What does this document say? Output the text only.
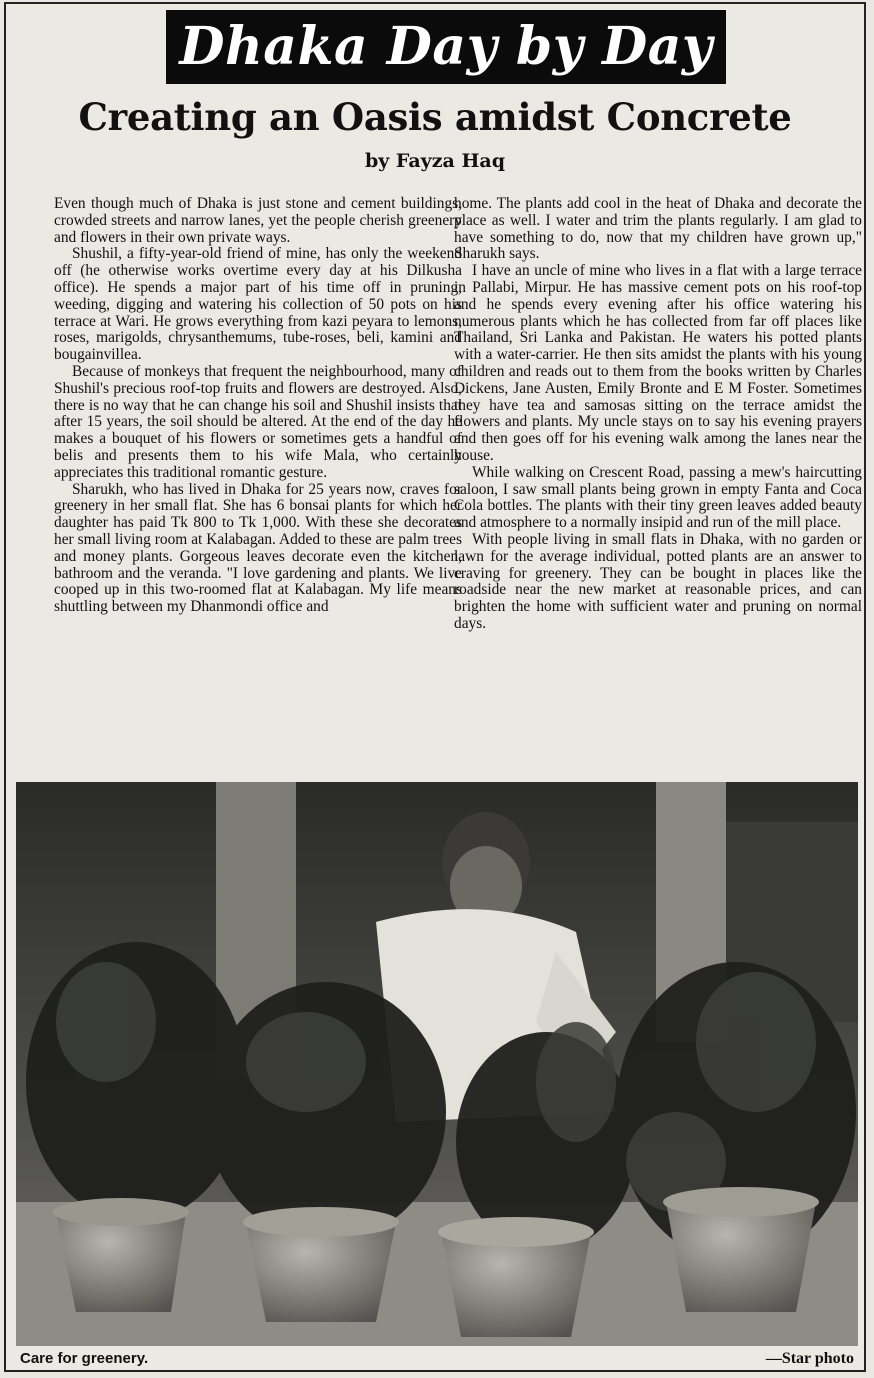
Dhaka Day by Day
Creating an Oasis amidst Concrete
by Fayza Haq

Even though much of Dhaka is just stone and cement buildings, crowded streets and narrow lanes, yet the people cherish greenery and flowers in their own private ways.

Shushil, a fifty-year-old friend of mine, has only the weekend off (he otherwise works overtime every day at his Dilkusha office). He spends a major part of his time off in pruning, weeding, digging and watering his collection of 50 pots on his terrace at Wari. He grows everything from kazi peyara to lemons, roses, marigolds, chrysanthemums, tube-roses, beli, kamini and bougainvillea.

Because of monkeys that frequent the neighbourhood, many of Shushil's precious roof-top fruits and flowers are destroyed. Also, there is no way that he can change his soil and Shushil insists that after 15 years, the soil should be altered. At the end of the day he makes a bouquet of his flowers or sometimes gets a handful of belis and presents them to his wife Mala, who certainly appreciates this traditional romantic gesture.

Sharukh, who has lived in Dhaka for 25 years now, craves for greenery in her small flat. She has 6 bonsai plants for which her daughter has paid Tk 800 to Tk 1,000. With these she decorates her small living room at Kalabagan. Added to these are palm trees and money plants. Gorgeous leaves decorate even the kitchen, bathroom and the veranda. "I love gardening and plants. We live cooped up in this two-roomed flat at Kalabagan. My life means shuttling between my Dhanmondi office and

home. The plants add cool in the heat of Dhaka and decorate the place as well. I water and trim the plants regularly. I am glad to have something to do, now that my children have grown up," Sharukh says.

I have an uncle of mine who lives in a flat with a large terrace in Pallabi, Mirpur. He has massive cement pots on his roof-top and he spends every evening after his office watering his numerous plants which he has collected from far off places like Thailand, Sri Lanka and Pakistan. He waters his potted plants with a water-carrier. He then sits amidst the plants with his young children and reads out to them from the books written by Charles Dickens, Jane Austen, Emily Bronte and E M Foster. Sometimes they have tea and samosas sitting on the terrace amidst the flowers and plants. My uncle stays on to say his evening prayers and then goes off for his evening walk among the lanes near the house.

While walking on Crescent Road, passing a mew's haircutting saloon, I saw small plants being grown in empty Fanta and Coca Cola bottles. The plants with their tiny green leaves added beauty and atmosphere to a normally insipid and run of the mill place.

With people living in small flats in Dhaka, with no garden or lawn for the average individual, potted plants are an answer to craving for greenery. They can be bought in places like the roadside near the new market at reasonable prices, and can brighten the home with sufficient water and pruning on normal days.

Care for greenery.	—Star photo
